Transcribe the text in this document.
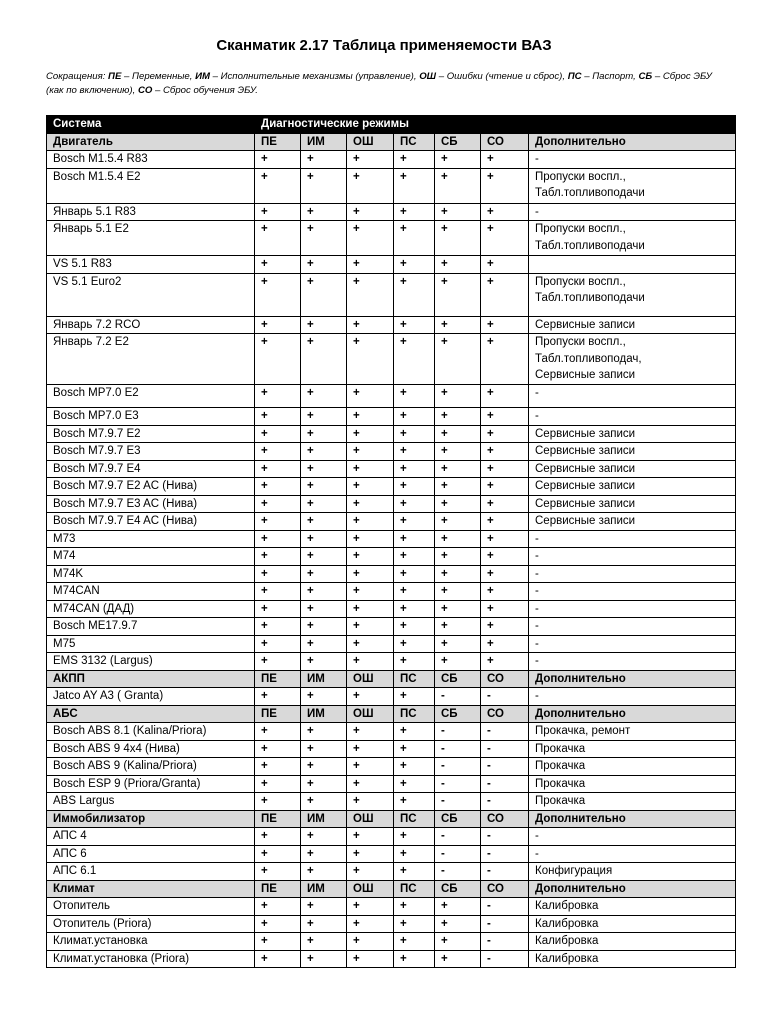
Сканматик 2.17 Таблица применяемости ВАЗ
Сокращения: ПЕ – Переменные, ИМ – Исполнительные механизмы (управление), ОШ – Ошибки (чтение и сброс), ПС – Паспорт, СБ – Сброс ЭБУ (как по включению), СО – Сброс обучения ЭБУ.
Система	Диагностические режимы						
Двигатель	ПЕ	ИМ	ОШ	ПС	СБ	СО	Дополнительно
Bosch M1.5.4 R83	+	+	+	+	+	+	-

Bosch M1.5.4 E2	+	+	+	+	+	+	Пропуски воспл.,
Табл.топливоподачи

Январь 5.1 R83	+	+	+	+	+	+	-

Январь 5.1 E2	+	+	+	+	+	+	Пропуски воспл.,
Табл.топливоподачи

VS 5.1 R83	+	+	+	+	+	+	

VS 5.1 Euro2	+	+	+	+	+	+	Пропуски воспл.,
Табл.топливоподачи

Январь 7.2 RCO	+	+	+	+	+	+	Сервисные записи

Январь 7.2 E2	+	+	+	+	+	+	Пропуски воспл.,
Табл.топливоподач,
Сервисные записи

Bosch MP7.0 E2	+	+	+	+	+	+	-

Bosch MP7.0 E3	+	+	+	+	+	+	-

Bosch M7.9.7 E2	+	+	+	+	+	+	Сервисные записи

Bosch M7.9.7 E3	+	+	+	+	+	+	Сервисные записи

Bosch M7.9.7 E4	+	+	+	+	+	+	Сервисные записи

Bosch M7.9.7 E2 AC (Нива)	+	+	+	+	+	+	Сервисные записи

Bosch M7.9.7 E3 AC (Нива)	+	+	+	+	+	+	Сервисные записи

Bosch M7.9.7 E4 AC (Нива)	+	+	+	+	+	+	Сервисные записи

M73	+	+	+	+	+	+	-

M74	+	+	+	+	+	+	-

M74K	+	+	+	+	+	+	-

M74CAN	+	+	+	+	+	+	-

M74CAN (ДАД)	+	+	+	+	+	+	-

Bosch ME17.9.7	+	+	+	+	+	+	-

M75	+	+	+	+	+	+	-

EMS 3132 (Largus)	+	+	+	+	+	+	-

АКПП	ПЕ	ИМ	ОШ	ПС	СБ	СО	Дополнительно
Jatco AY A3 ( Granta)	+	+	+	+	-	-	-

АБС	ПЕ	ИМ	ОШ	ПС	СБ	СО	Дополнительно
Bosch ABS 8.1 (Kalina/Priora)	+	+	+	+	-	-	Прокачка, ремонт

Bosch ABS 9 4x4 (Нива)	+	+	+	+	-	-	Прокачка

Bosch ABS 9 (Kalina/Priora)	+	+	+	+	-	-	Прокачка

Bosch ESP 9 (Priora/Granta)	+	+	+	+	-	-	Прокачка

ABS Largus	+	+	+	+	-	-	Прокачка

Иммобилизатор	ПЕ	ИМ	ОШ	ПС	СБ	СО	Дополнительно
АПС 4	+	+	+	+	-	-	-

АПС 6	+	+	+	+	-	-	-

АПС 6.1	+	+	+	+	-	-	Конфигурация

Климат	ПЕ	ИМ	ОШ	ПС	СБ	СО	Дополнительно
Отопитель	+	+	+	+	+	-	Калибровка

Отопитель (Priora)	+	+	+	+	+	-	Калибровка

Климат.установка	+	+	+	+	+	-	Калибровка

Климат.установка (Priora)	+	+	+	+	+	-	Калибровка
